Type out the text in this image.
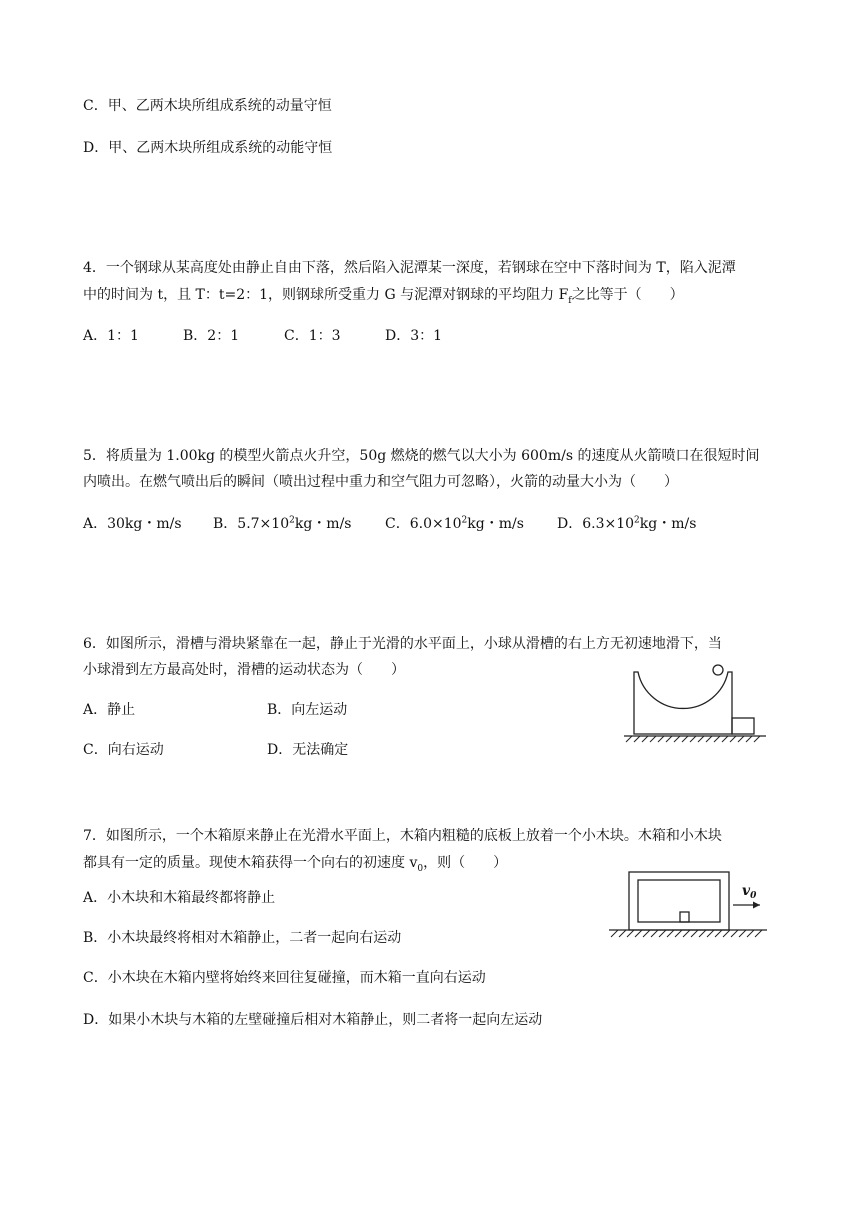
C．甲、乙两木块所组成系统的动量守恒
D．甲、乙两木块所组成系统的动能守恒
4．一个钢球从某高度处由静止自由下落，然后陷入泥潭某一深度，若钢球在空中下落时间为 T，陷入泥潭
中的时间为 t，且 T：t=2：1，则钢球所受重力 G 与泥潭对钢球的平均阻力 $F_f$之比等于（　　）
A．1：1	B．2：1	C．1：3	D．3：1
5．将质量为 1.00kg 的模型火箭点火升空，50g 燃烧的燃气以大小为 600m/s 的速度从火箭喷口在很短时间
内喷出。在燃气喷出后的瞬间（喷出过程中重力和空气阻力可忽略），火箭的动量大小为（　　）
A．30kg・m/s B．$5.7\times 10^2kg$・m/s C．$6.0\times 10^2kg$・m/s D．$6.3\times 10^2kg$・m/s
6．如图所示，滑槽与滑块紧靠在一起，静止于光滑的水平面上，小球从滑槽的右上方无初速地滑下，当
小球滑到左方最高处时，滑槽的运动状态为（　　）
A．静止	B．向左运动
C．向右运动	D．无法确定
7．如图所示，一个木箱原来静止在光滑水平面上，木箱内粗糙的底板上放着一个小木块。木箱和小木块
都具有一定的质量。现使木箱获得一个向右的初速度 $v_0$，则（　　）
A．小木块和木箱最终都将静止
B．小木块最终将相对木箱静止，二者一起向右运动
C．小木块在木箱内壁将始终来回往复碰撞，而木箱一直向右运动
D．如果小木块与木箱的左壁碰撞后相对木箱静止，则二者将一起向左运动
$v_0$
